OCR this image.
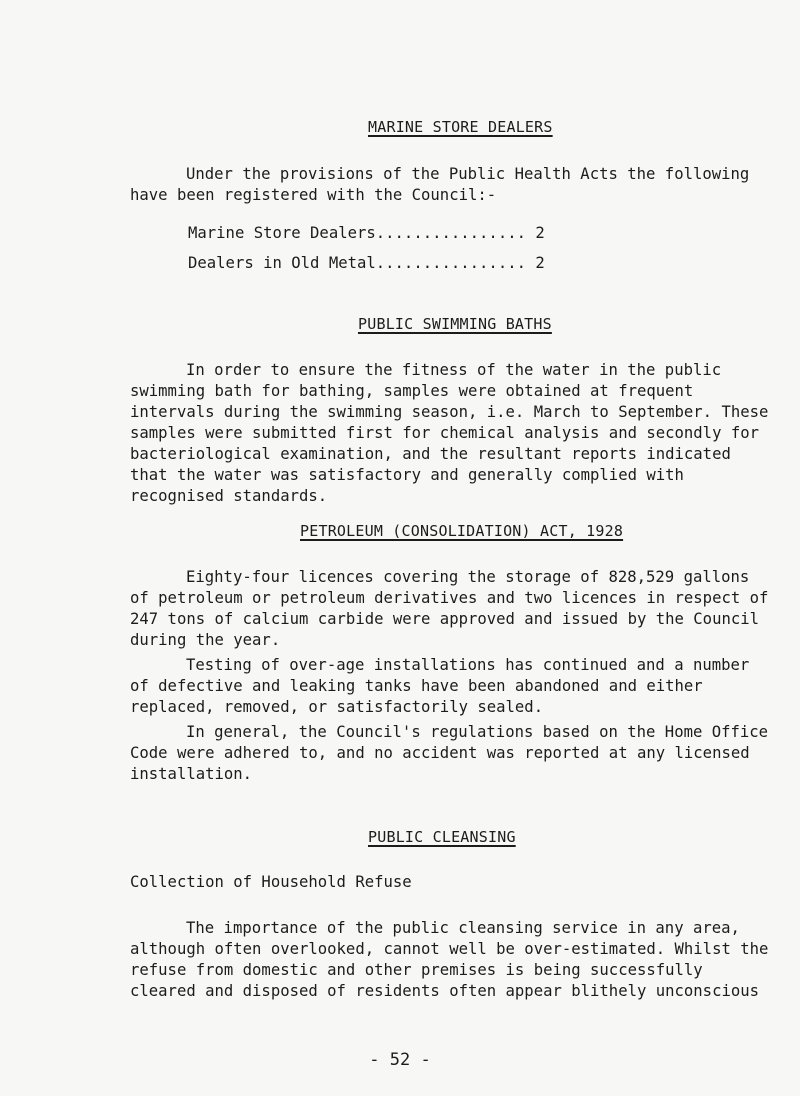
MARINE STORE DEALERS
Under the provisions of the Public Health Acts the following have been registered with the Council:-
Marine Store Dealers................ 2
Dealers in Old Metal................ 2
PUBLIC SWIMMING BATHS
In order to ensure the fitness of the water in the public swimming bath for bathing, samples were obtained at frequent intervals during the swimming season, i.e. March to September. These samples were submitted first for chemical analysis and secondly for bacteriological examination, and the resultant reports indicated that the water was satisfactory and generally complied with recognised standards.
PETROLEUM (CONSOLIDATION) ACT, 1928
Eighty-four licences covering the storage of 828,529 gallons of petroleum or petroleum derivatives and two licences in respect of 247 tons of calcium carbide were approved and issued by the Council during the year.
Testing of over-age installations has continued and a number of defective and leaking tanks have been abandoned and either replaced, removed, or satisfactorily sealed.
In general, the Council's regulations based on the Home Office Code were adhered to, and no accident was reported at any licensed installation.
PUBLIC CLEANSING
Collection of Household Refuse
The importance of the public cleansing service in any area, although often overlooked, cannot well be over-estimated. Whilst the refuse from domestic and other premises is being successfully cleared and disposed of residents often appear blithely unconscious
- 52 -
